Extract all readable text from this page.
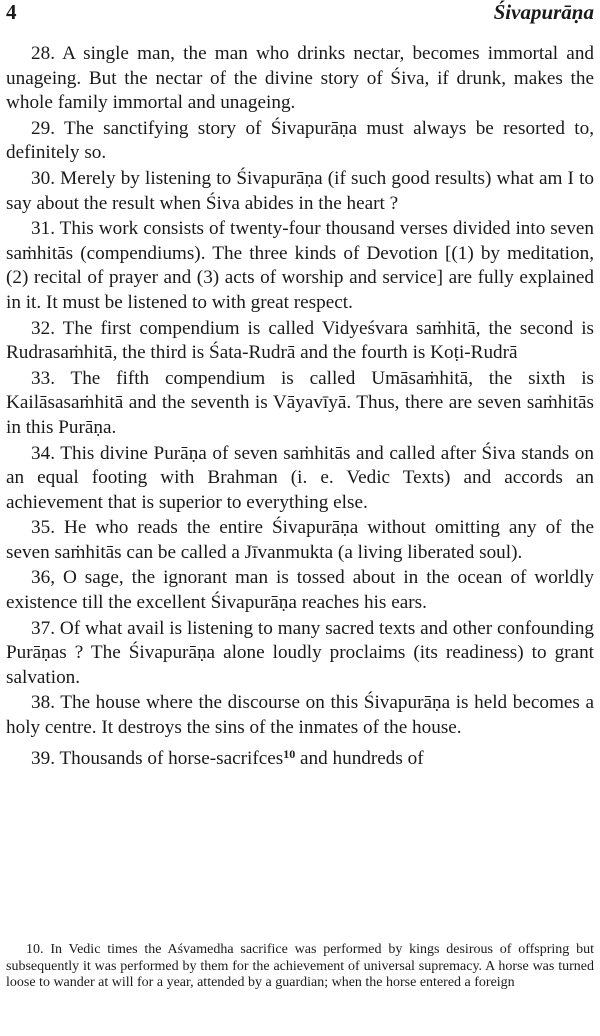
4	Śivapurāṇa

28. A single man, the man who drinks nectar, becomes immortal and unageing. But the nectar of the divine story of Śiva, if drunk, makes the whole family immortal and unageing.

29. The sanctifying story of Śivapurāṇa must always be resorted to, definitely so.

30. Merely by listening to Śivapurāṇa (if such good results) what am I to say about the result when Śiva abides in the heart ?

31. This work consists of twenty-four thousand verses divided into seven saṁhitās (compendiums). The three kinds of Devotion [(1) by meditation, (2) recital of prayer and (3) acts of worship and service] are fully explained in it. It must be listened to with great respect.

32. The first compendium is called Vidyeśvara saṁhitā, the second is Rudrasaṁhitā, the third is Śata-Rudrā and the fourth is Koṭi-Rudrā

33. The fifth compendium is called Umāsaṁhitā, the sixth is Kailāsasaṁhitā and the seventh is Vāyavīyā. Thus, there are seven saṁhitās in this Purāṇa.

34. This divine Purāṇa of seven saṁhitās and called after Śiva stands on an equal footing with Brahman (i. e. Vedic Texts) and accords an achievement that is superior to everything else.

35. He who reads the entire Śivapurāṇa without omitting any of the seven saṁhitās can be called a Jīvanmukta (a living liberated soul).

36, O sage, the ignorant man is tossed about in the ocean of worldly existence till the excellent Śivapurāṇa reaches his ears.

37. Of what avail is listening to many sacred texts and other confounding Purāṇas ? The Śivapurāṇa alone loudly proclaims (its readiness) to grant salvation.

38. The house where the discourse on this Śivapurāṇa is held becomes a holy centre. It destroys the sins of the inmates of the house.

39. Thousands of horse-sacrifces$^{10}$ and hundreds of

10. In Vedic times the Aśvamedha sacrifice was performed by kings desirous of offspring but subsequently it was performed by them for the achievement of universal supremacy. A horse was turned loose to wander at will for a year, attended by a guardian; when the horse entered a foreign
